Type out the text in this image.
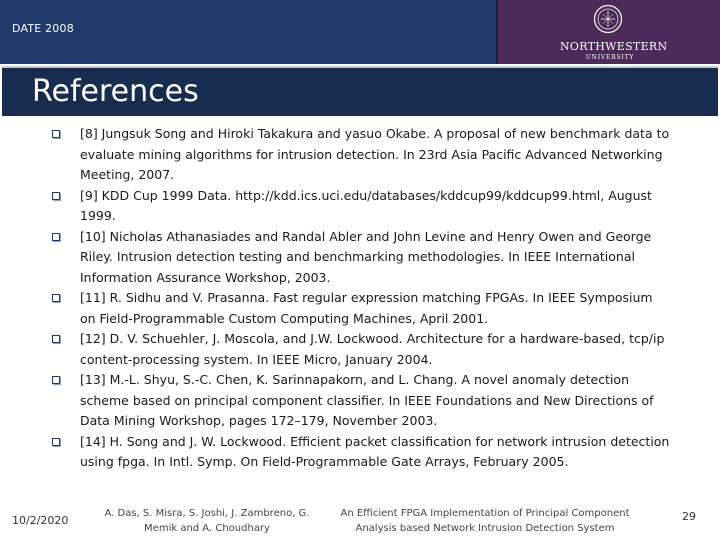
DATE 2008
NORTHWESTERN
UNIVERSITY
References
[8] Jungsuk Song and Hiroki Takakura and yasuo Okabe. A proposal of new benchmark data to evaluate mining algorithms for intrusion detection. In 23rd Asia Pacific Advanced Networking Meeting, 2007.
[9] KDD Cup 1999 Data. http://kdd.ics.uci.edu/databases/kddcup99/kddcup99.html, August 1999.
[10] Nicholas Athanasiades and Randal Abler and John Levine and Henry Owen and George Riley. Intrusion detection testing and benchmarking methodologies. In IEEE International Information Assurance Workshop, 2003.
[11] R. Sidhu and V. Prasanna. Fast regular expression matching FPGAs. In IEEE Symposium on Field-Programmable Custom Computing Machines, April 2001.
[12] D. V. Schuehler, J. Moscola, and J.W. Lockwood. Architecture for a hardware-based, tcp/ip content-processing system. In IEEE Micro, January 2004.
[13] M.-L. Shyu, S.-C. Chen, K. Sarinnapakorn, and L. Chang. A novel anomaly detection scheme based on principal component classifier. In IEEE Foundations and New Directions of Data Mining Workshop, pages 172–179, November 2003.
[14] H. Song and J. W. Lockwood. Efficient packet classification for network intrusion detection using fpga. In Intl. Symp. On Field-Programmable Gate Arrays, February 2005.
10/2/2020
A. Das, S. Misra, S. Joshi, J. Zambreno, G. Memik and A. Choudhary
An Efficient FPGA Implementation of Principal Component Analysis based Network Intrusion Detection System
29
